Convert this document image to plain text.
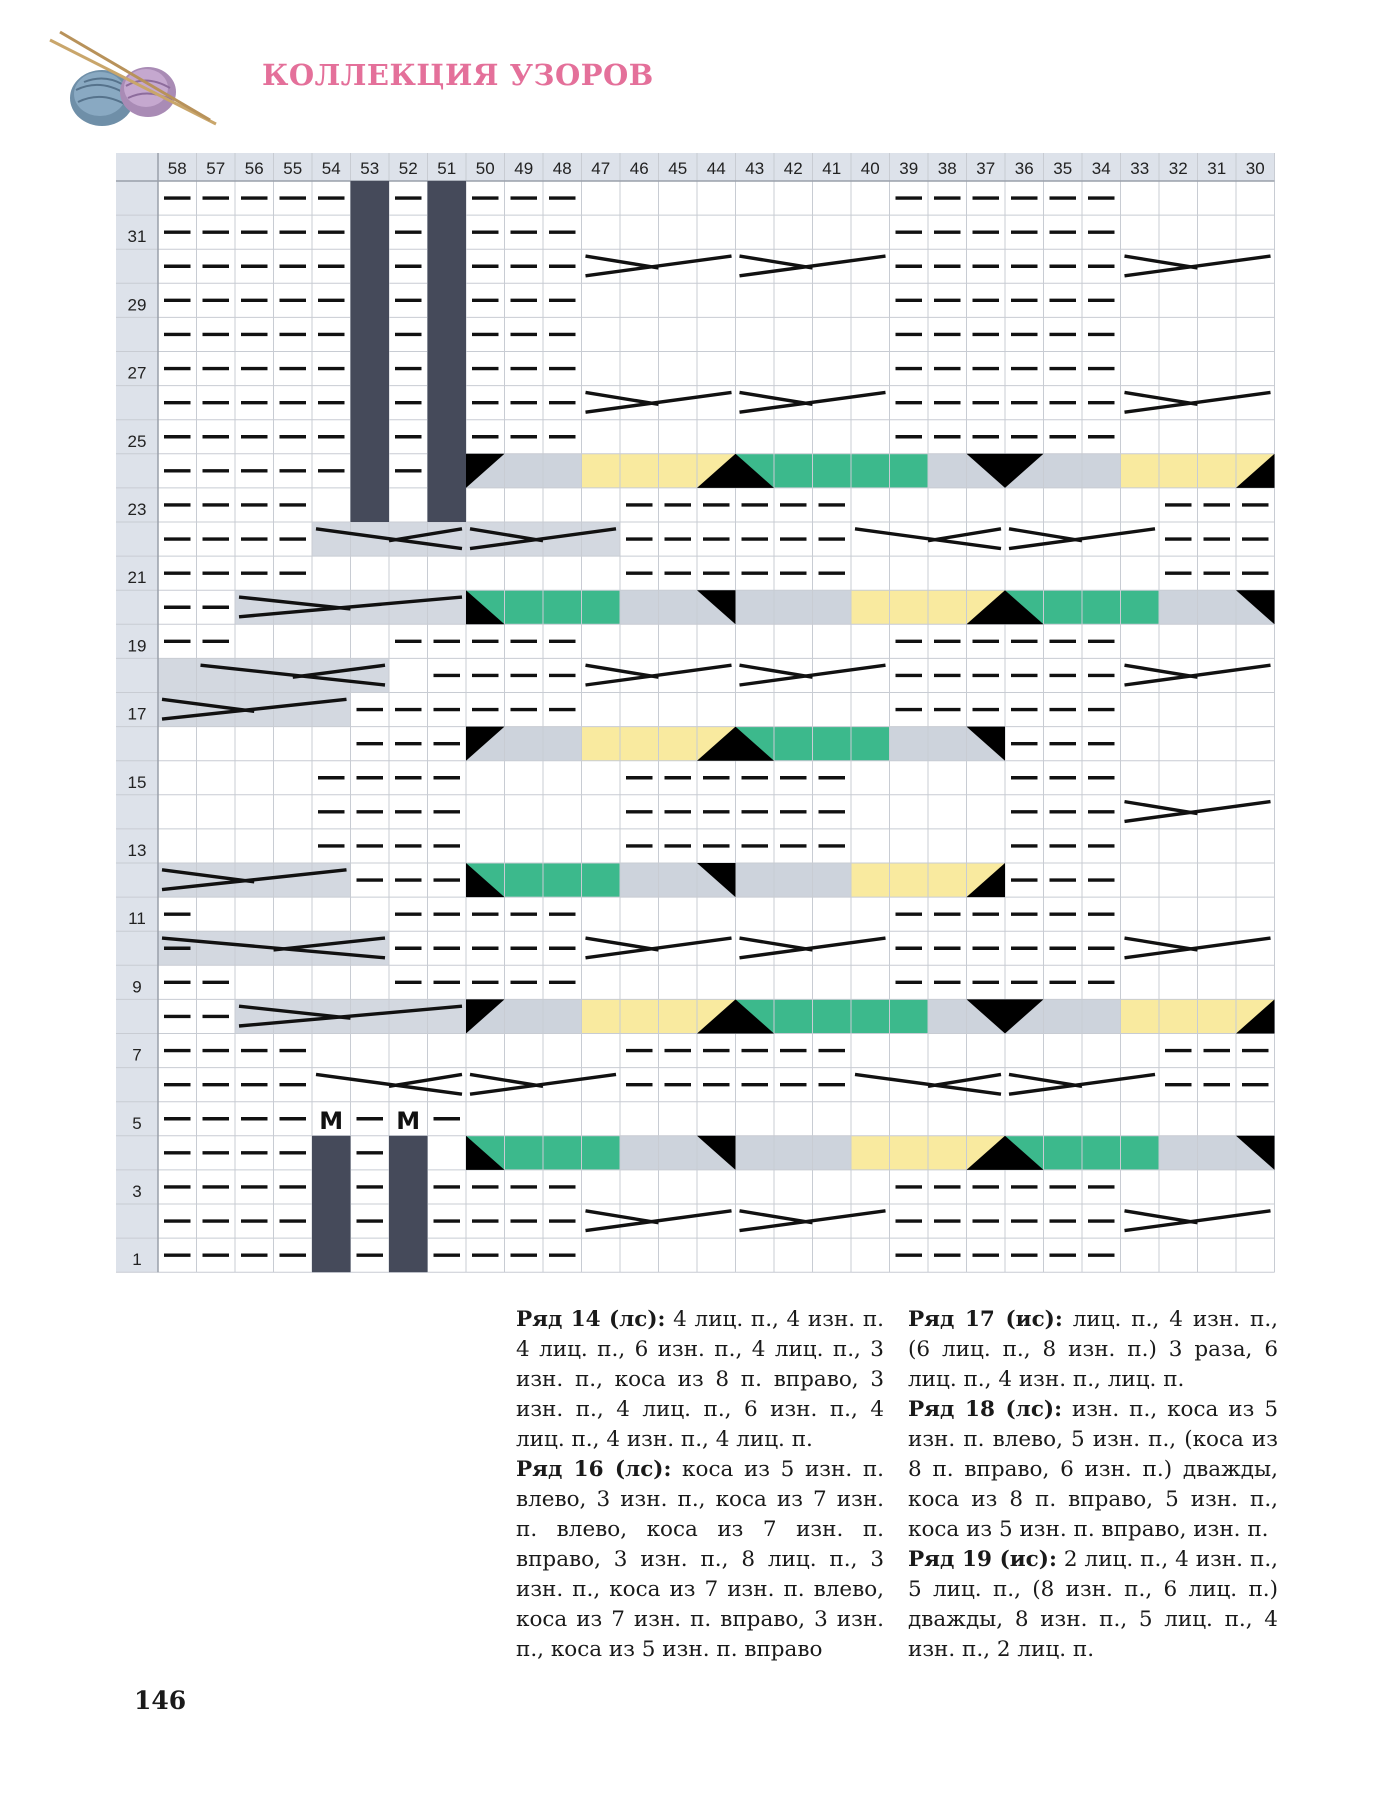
КОЛЛЕКЦИЯ УЗОРОВ
58 57 56 55 54 53 52 51 50 49 48 47 46 45 44 43 42 41 40 39 38 37 36 35 34 33 32 31 30
31
29
27
25
23
21
19
17
15
13
11
9
7
5
3
1
М М

Ряд 14 (лс): 4 лиц. п., 4 изн. п. 4 лиц. п., 6 изн. п., 4 лиц. п., 3 изн. п., коса из 8 п. вправо, 3 изн. п., 4 лиц. п., 6 изн. п., 4 лиц. п., 4 изн. п., 4 лиц. п.

Ряд 16 (лс): коса из 5 изн. п. влево, 3 изн. п., коса из 7 изн. п. влево, коса из 7 изн. п. вправо, 3 изн. п., 8 лиц. п., 3 изн. п., коса из 7 изн. п. влево, коса из 7 изн. п. вправо, 3 изн. п., коса из 5 изн. п. вправо

Ряд 17 (ис): лиц. п., 4 изн. п., (6 лиц. п., 8 изн. п.) 3 раза, 6 лиц. п., 4 изн. п., лиц. п.

Ряд 18 (лс): изн. п., коса из 5 изн. п. влево, 5 изн. п., (коса из 8 п. вправо, 6 изн. п.) дважды, коса из 8 п. вправо, 5 изн. п., коса из 5 изн. п. вправо, изн. п.

Ряд 19 (ис): 2 лиц. п., 4 изн. п., 5 лиц. п., (8 изн. п., 6 лиц. п.) дважды, 8 изн. п., 5 лиц. п., 4 изн. п., 2 лиц. п.

146
